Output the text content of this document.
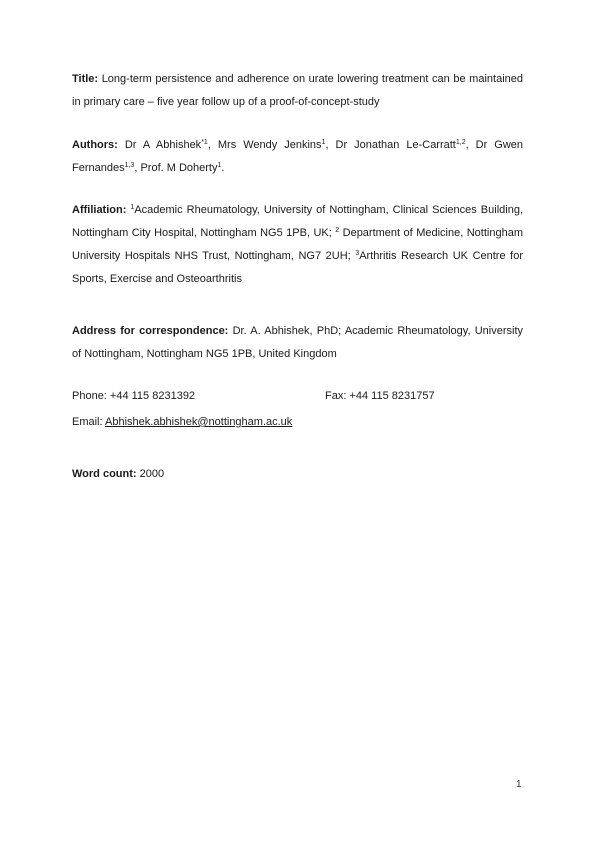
Title: Long-term persistence and adherence on urate lowering treatment can be maintained in primary care – five year follow up of a proof-of-concept-study
Authors: Dr A Abhishek$^{*1}$, Mrs Wendy Jenkins$^1$, Dr Jonathan Le-Carratt$^{1,2}$, Dr Gwen Fernandes$^{1,3}$, Prof. M Doherty$^1$.
Affiliation: $^1$Academic Rheumatology, University of Nottingham, Clinical Sciences Building, Nottingham City Hospital, Nottingham NG5 1PB, UK; $^2$ Department of Medicine, Nottingham University Hospitals NHS Trust, Nottingham, NG7 2UH; $^3$Arthritis Research UK Centre for Sports, Exercise and Osteoarthritis
Address for correspondence: Dr. A. Abhishek, PhD; Academic Rheumatology, University of Nottingham, Nottingham NG5 1PB, United Kingdom
Phone: +44 115 8231392	Fax: +44 115 8231757
Email: Abhishek.abhishek@nottingham.ac.uk
Word count: 2000
1
